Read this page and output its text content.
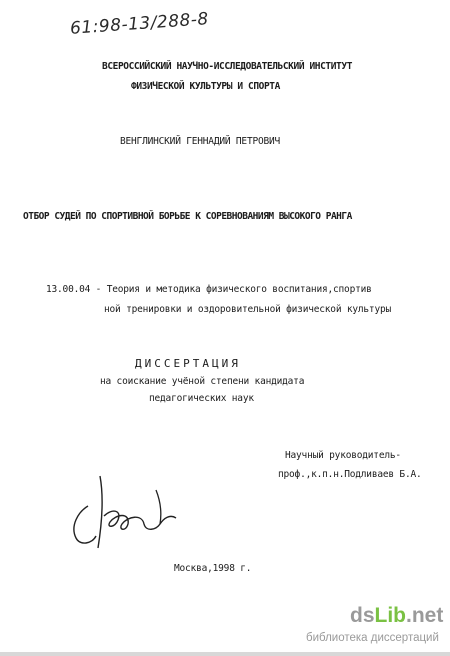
61:98-13/288-8
ВСЕРОССИЙСКИЙ НАУЧНО-ИССЛЕДОВАТЕЛЬСКИЙ ИНСТИТУТ
ФИЗИЧЕСКОЙ КУЛЬТУРЫ И СПОРТА
ВЕНГЛИНСКИЙ ГЕННАДИЙ ПЕТРОВИЧ
ОТБОР СУДЕЙ ПО СПОРТИВНОЙ БОРЬБЕ К СОРЕВНОВАНИЯМ ВЫСОКОГО РАНГА
13.00.04 - Теория и методика физического воспитания,спортив
ной тренировки и оздоровительной физической культуры
ДИССЕРТАЦИЯ
на соискание учёной степени кандидата
педагогических наук
Научный руководитель-
проф.,к.п.н.Подливаев Б.А.
Москва,1998 г.
dsLib.net
библиотека диссертаций
